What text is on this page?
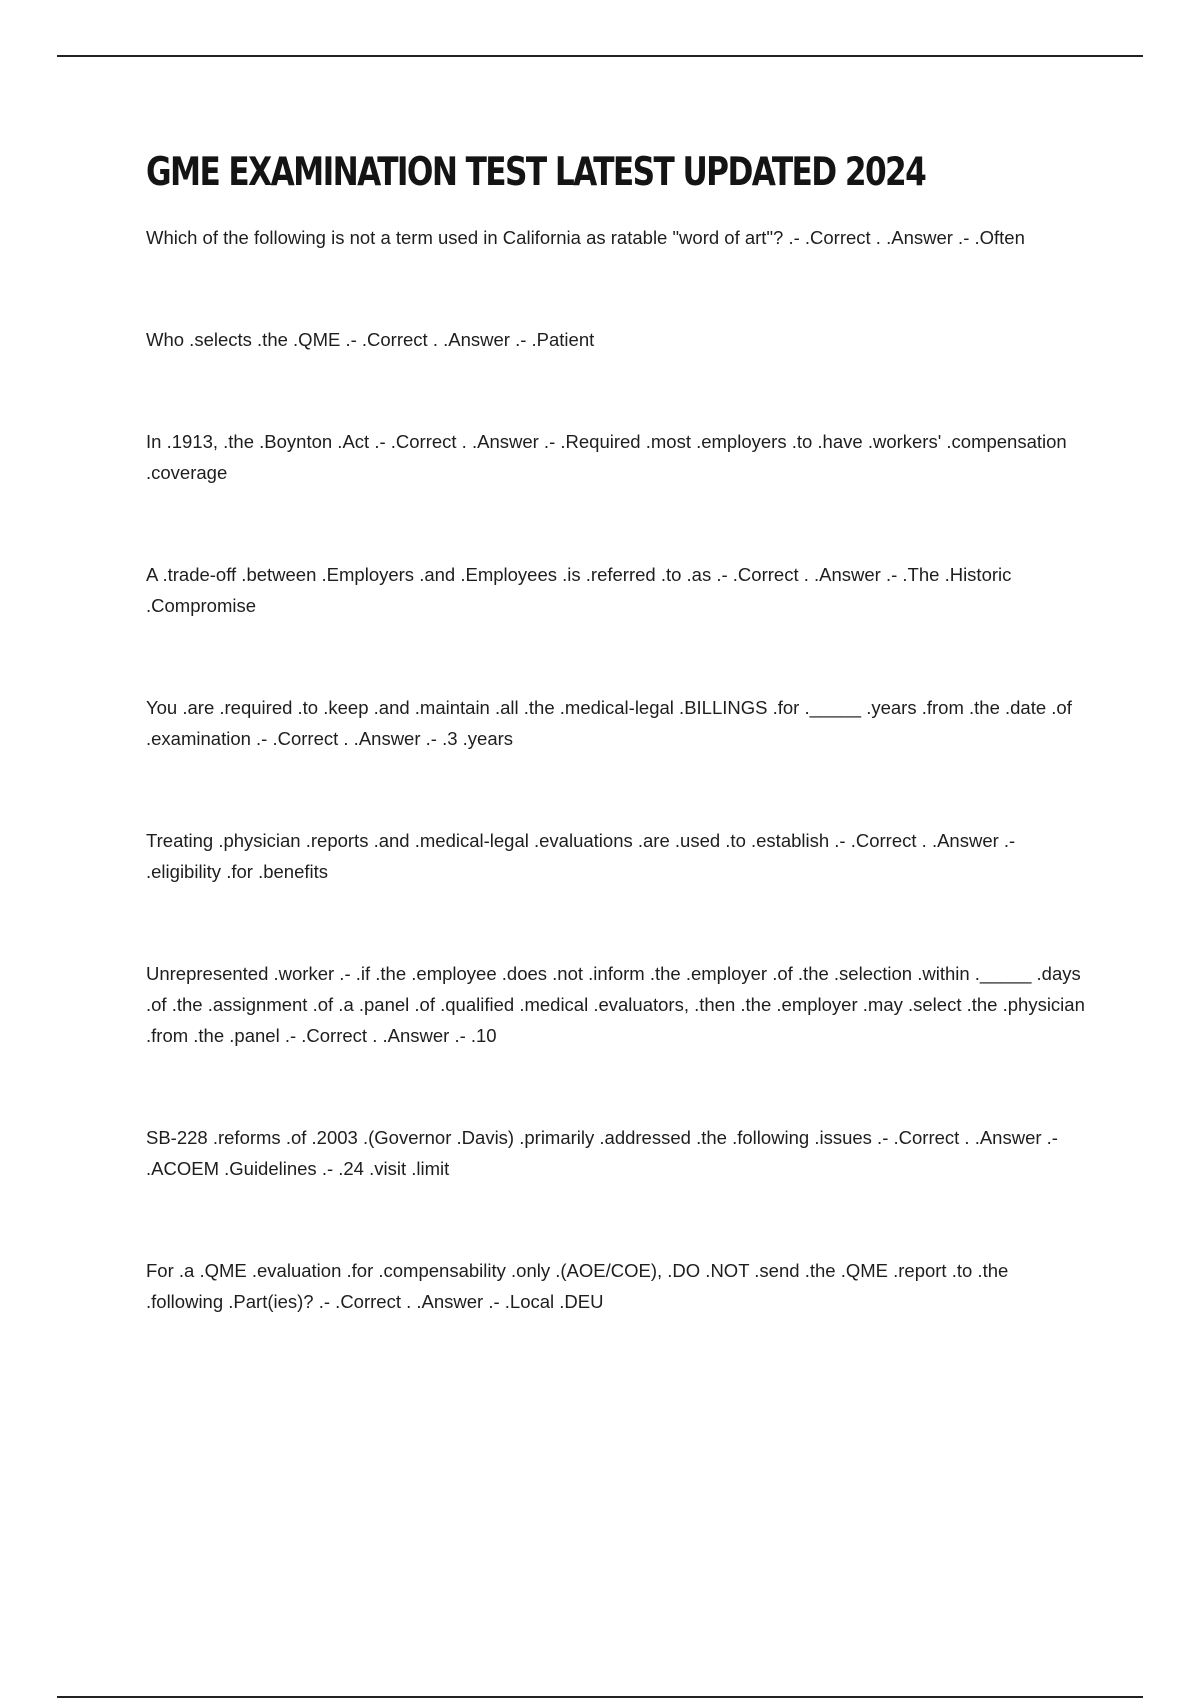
GME EXAMINATION TEST LATEST UPDATED 2024
Which of the following is not a term used in California as ratable "word of art"? .- .Correct . .Answer .- .Often
Who .selects .the .QME .- .Correct . .Answer .- .Patient
In .1913, .the .Boynton .Act .- .Correct . .Answer .- .Required .most .employers .to .have .workers' .compensation .coverage
A .trade-off .between .Employers .and .Employees .is .referred .to .as .- .Correct . .Answer .- .The .Historic .Compromise
You .are .required .to .keep .and .maintain .all .the .medical-legal .BILLINGS .for ._____ .years .from .the .date .of .examination .- .Correct . .Answer .- .3 .years
Treating .physician .reports .and .medical-legal .evaluations .are .used .to .establish .- .Correct . .Answer .- .eligibility .for .benefits
Unrepresented .worker .- .if .the .employee .does .not .inform .the .employer .of .the .selection .within ._____ .days .of .the .assignment .of .a .panel .of .qualified .medical .evaluators, .then .the .employer .may .select .the .physician .from .the .panel .- .Correct . .Answer .- .10
SB-228 .reforms .of .2003 .(Governor .Davis) .primarily .addressed .the .following .issues .- .Correct . .Answer .- .ACOEM .Guidelines .- .24 .visit .limit
For .a .QME .evaluation .for .compensability .only .(AOE/COE), .DO .NOT .send .the .QME .report .to .the .following .Part(ies)? .- .Correct . .Answer .- .Local .DEU
